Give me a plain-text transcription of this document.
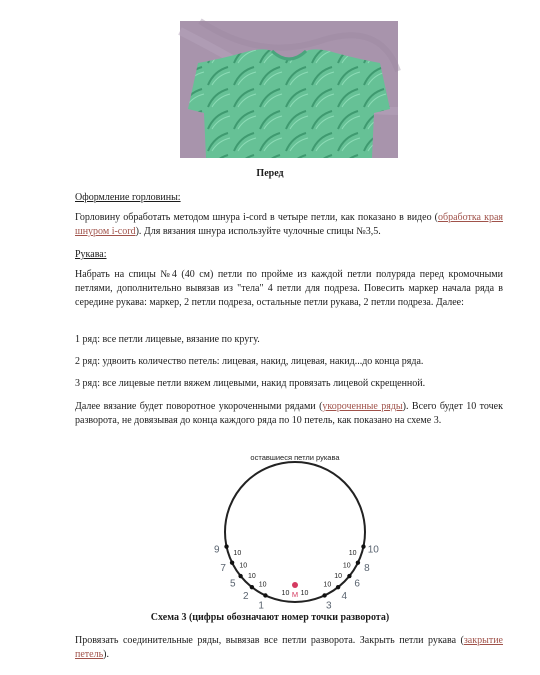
Перед
Оформление горловины:
Горловину обработать методом шнура i-cord в четыре петли, как показано в видео (обработка края шнуром i-cord). Для вязания шнура используйте чулочные спицы №3,5.
Рукава:
Набрать на спицы №4 (40 см) петли по пройме из каждой петли полуряда перед кромочными петлями, дополнительно вывязав из "тела" 4 петли для подреза. Повесить маркер начала ряда в середине рукава: маркер, 2 петли подреза, остальные петли рукава, 2 петли подреза. Далее:
1 ряд: все петли лицевые, вязание по кругу.
2 ряд: удвоить количество петель: лицевая, накид, лицевая, накид...до конца ряда.
3 ряд: все лицевые петли вяжем лицевыми, накид провязать лицевой скрещенной.
Далее вязание будет поворотное укороченными рядами (укороченные ряды). Всего будет 10 точек разворота, не довязывая до конца каждого ряда по 10 петель, как показано на схеме 3.
оставшиеся петли рукава
1
2
3
4
5	6
7	8
9	10
10 10
10	10
10	10
10	10
10	10
М
Схема 3 (цифры обозначают номер точки разворота)
Провязать соединительные ряды, вывязав все петли разворота. Закрыть петли рукава (закрытие петель).
